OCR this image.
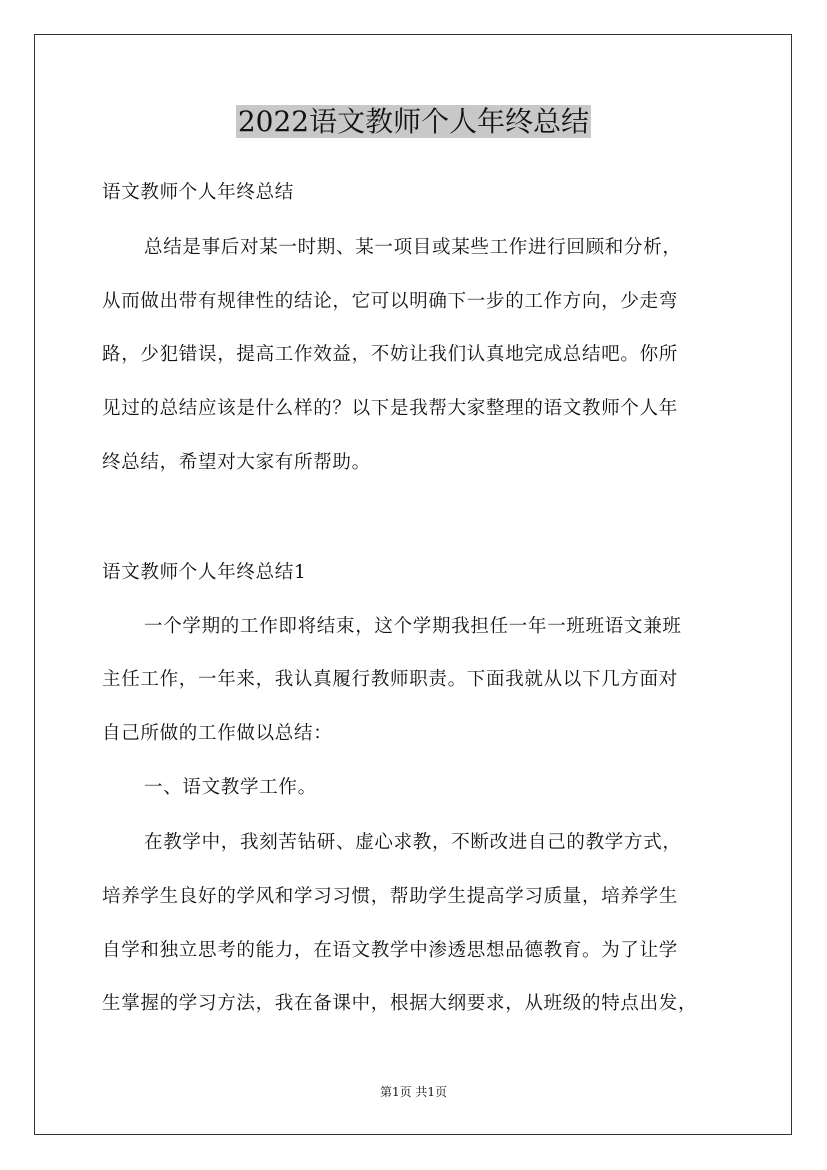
2022语文教师个人年终总结
语文教师个人年终总结
总结是事后对某一时期、某一项目或某些工作进行回顾和分析，
从而做出带有规律性的结论，它可以明确下一步的工作方向，少走弯
路，少犯错误，提高工作效益，不妨让我们认真地完成总结吧。你所
见过的总结应该是什么样的？以下是我帮大家整理的语文教师个人年
终总结，希望对大家有所帮助。
语文教师个人年终总结1
一个学期的工作即将结束，这个学期我担任一年一班班语文兼班
主任工作，一年来，我认真履行教师职责。下面我就从以下几方面对
自己所做的工作做以总结：
一、语文教学工作。
在教学中，我刻苦钻研、虚心求教，不断改进自己的教学方式，
培养学生良好的学风和学习习惯，帮助学生提高学习质量，培养学生
自学和独立思考的能力，在语文教学中渗透思想品德教育。为了让学
生掌握的学习方法，我在备课中，根据大纲要求，从班级的特点出发，
第1页 共1页
